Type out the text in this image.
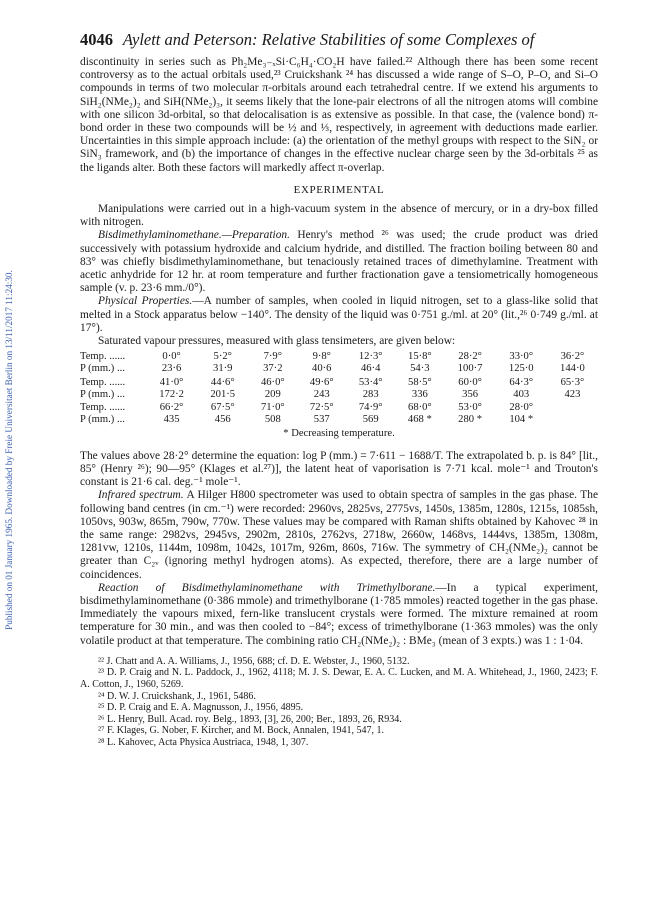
Published on 01 January 1965. Downloaded by Freie Universitaet Berlin on 13/11/2017 11:24:30.
4046 Aylett and Peterson: Relative Stabilities of some Complexes of

discontinuity in series such as Ph₂Me₃₋ₓSi·C₆H₄·CO₂H have failed.²² Although there has been some recent controversy as to the actual orbitals used,²³ Cruickshank ²⁴ has discussed a wide range of S–O, P–O, and Si–O compounds in terms of two molecular π-orbitals around each tetrahedral centre. If we extend his arguments to SiH₂(NMe₂)₂ and SiH(NMe₂)₃, it seems likely that the lone-pair electrons of all the nitrogen atoms will combine with one silicon 3d-orbital, so that delocalisation is as extensive as possible. In that case, the (valence bond) π-bond order in these two compounds will be ½ and ⅓, respectively, in agreement with deductions made earlier. Uncertainties in this simple approach include: (a) the orientation of the methyl groups with respect to the SiN₂ or SiN₃ framework, and (b) the importance of changes in the effective nuclear charge seen by the 3d-orbitals ²⁵ as the ligands alter. Both these factors will markedly affect π-overlap.

EXPERIMENTAL

Manipulations were carried out in a high-vacuum system in the absence of mercury, or in a dry-box filled with nitrogen.

Bisdimethylaminomethane.—Preparation. Henry's method ²⁶ was used; the crude product was dried successively with potassium hydroxide and calcium hydride, and distilled. The fraction boiling between 80 and 83° was chiefly bisdimethylaminomethane, but tenaciously retained traces of dimethylamine. Treatment with acetic anhydride for 12 hr. at room temperature and further fractionation gave a tensiometrically homogeneous sample (v. p. 23·6 mm./0°).

Physical Properties.—A number of samples, when cooled in liquid nitrogen, set to a glass-like solid that melted in a Stock apparatus below −140°. The density of the liquid was 0·751 g./ml. at 20° (lit.,²⁶ 0·749 g./ml. at 17°).

Saturated vapour pressures, measured with glass tensimeters, are given below:

Temp. ......	0·0°	5·2°	7·9°	9·8°	12·3°	15·8°	28·2°	33·0°	36·2°
P (mm.) ...	23·6	31·9	37·2	40·6	46·4	54·3	100·7	125·0	144·0
Temp. ......	41·0°	44·6°	46·0°	49·6°	53·4°	58·5°	60·0°	64·3°	65·3°
P (mm.) ...	172·2	201·5	209	243	283	336	356	403	423
Temp. ......	66·2°	67·5°	71·0°	72·5°	74·9°	68·0°	53·0°	28·0°	
P (mm.) ...	435	456	508	537	569	468 *	280 *	104 *	
* Decreasing temperature.

The values above 28·2° determine the equation: log P (mm.) = 7·611 − 1688/T. The extrapolated b. p. is 84° [lit., 85° (Henry ²⁶); 90—95° (Klages et al.²⁷)], the latent heat of vaporisation is 7·71 kcal. mole⁻¹ and Trouton's constant is 21·6 cal. deg.⁻¹ mole⁻¹.

Infrared spectrum. A Hilger H800 spectrometer was used to obtain spectra of samples in the gas phase. The following band centres (in cm.⁻¹) were recorded: 2960vs, 2825vs, 2775vs, 1450s, 1385m, 1280s, 1215s, 1085sh, 1050vs, 903w, 865m, 790w, 770w. These values may be compared with Raman shifts obtained by Kahovec ²⁸ in the same range: 2982vs, 2945vs, 2902m, 2810s, 2762vs, 2718w, 2660w, 1468vs, 1444vs, 1385m, 1308m, 1281vw, 1210s, 1144m, 1098m, 1042s, 1017m, 926m, 860s, 716w. The symmetry of CH₂(NMe₂)₂ cannot be greater than C₂ᵥ (ignoring methyl hydrogen atoms). As expected, therefore, there are a large number of coincidences.

Reaction of Bisdimethylaminomethane with Trimethylborane.—In a typical experiment, bisdimethylaminomethane (0·386 mmole) and trimethylborane (1·785 mmoles) reacted together in the gas phase. Immediately the vapours mixed, fern-like translucent crystals were formed. The mixture remained at room temperature for 30 min., and was then cooled to −84°; excess of trimethylborane (1·363 mmoles) was the only volatile product at that temperature. The combining ratio CH₂(NMe₂)₂ : BMe₃ (mean of 3 expts.) was 1 : 1·04.

²² J. Chatt and A. A. Williams, J., 1956, 688; cf. D. E. Webster, J., 1960, 5132.
²³ D. P. Craig and N. L. Paddock, J., 1962, 4118; M. J. S. Dewar, E. A. C. Lucken, and M. A. Whitehead, J., 1960, 2423; F. A. Cotton, J., 1960, 5269.
²⁴ D. W. J. Cruickshank, J., 1961, 5486.
²⁵ D. P. Craig and E. A. Magnusson, J., 1956, 4895.
²⁶ L. Henry, Bull. Acad. roy. Belg., 1893, [3], 26, 200; Ber., 1893, 26, R934.
²⁷ F. Klages, G. Nober, F. Kircher, and M. Bock, Annalen, 1941, 547, 1.
²⁸ L. Kahovec, Acta Physica Austriaca, 1948, 1, 307.
